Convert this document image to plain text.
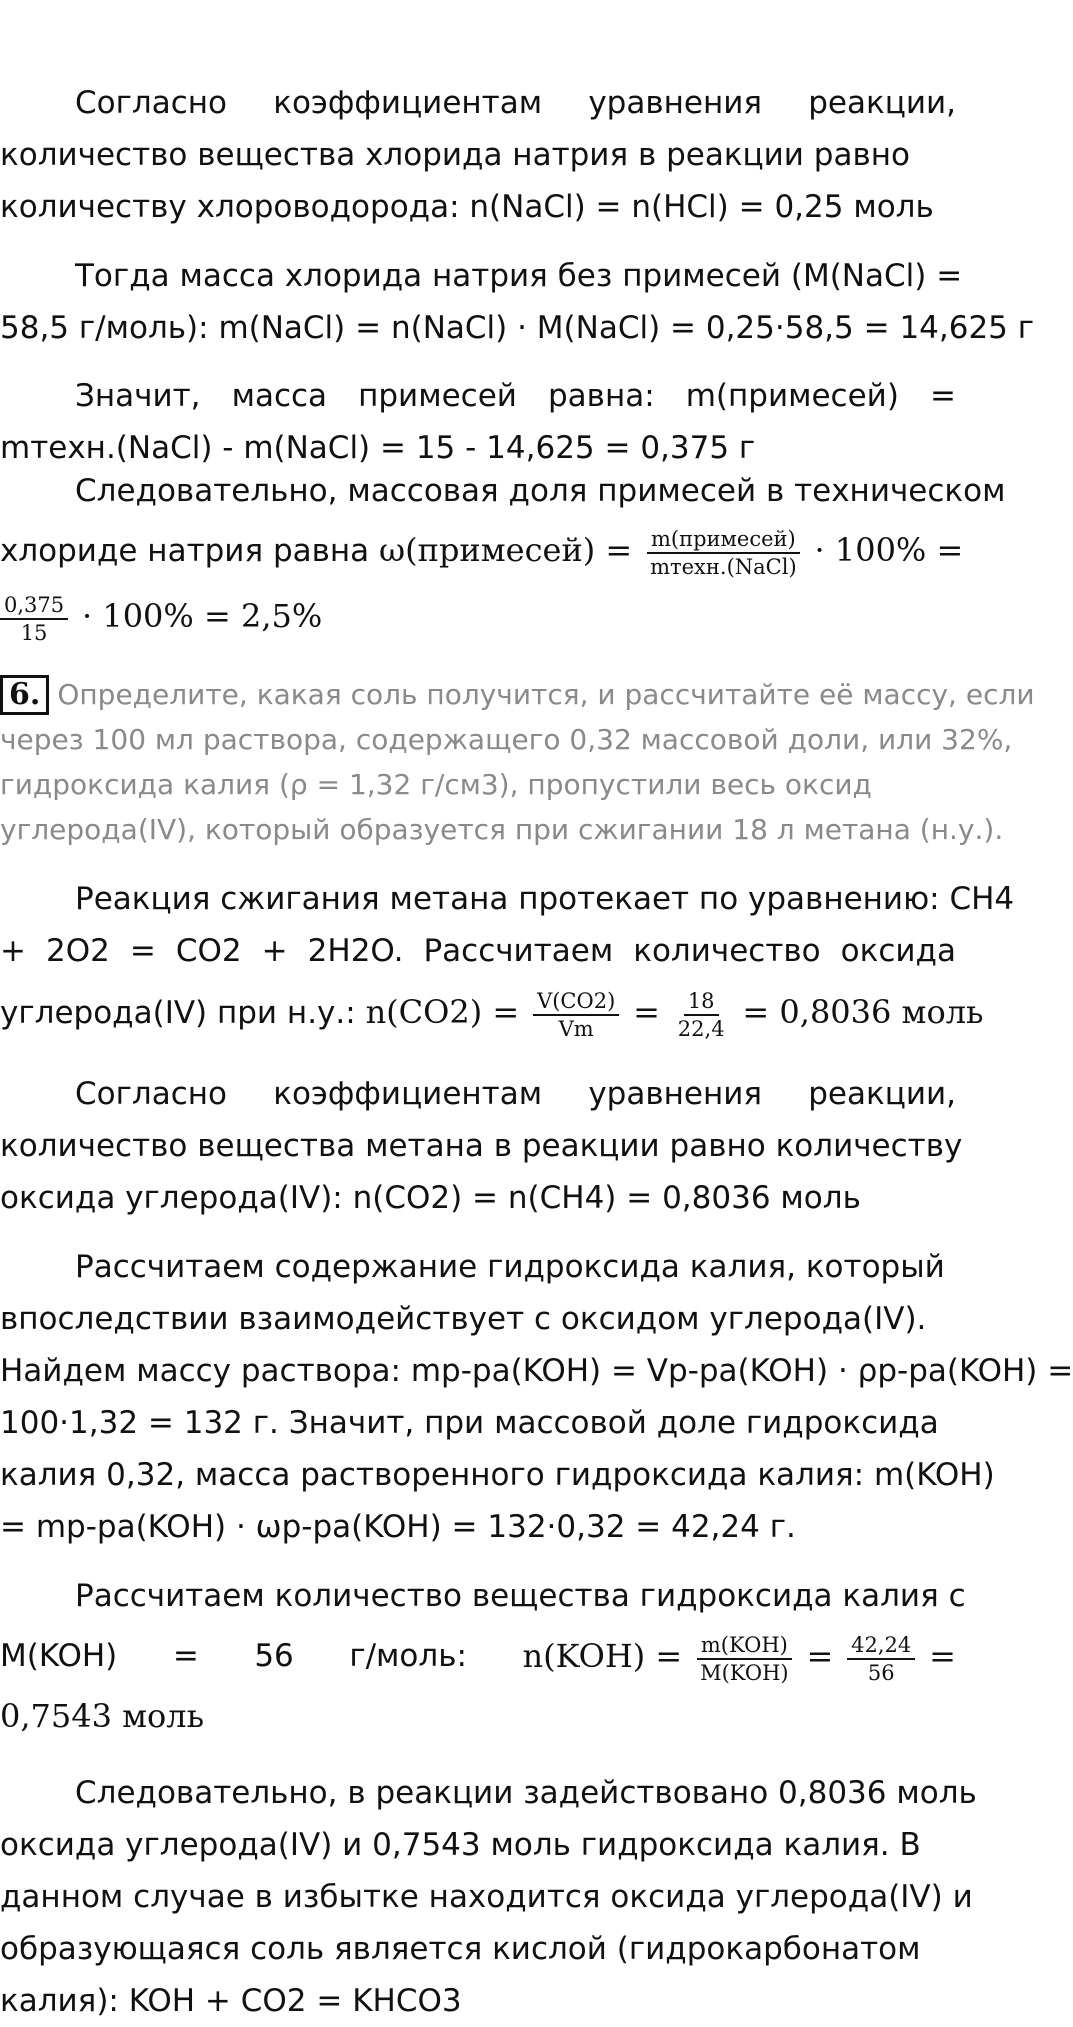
Согласно коэффициентам уравнения реакции,
количество вещества хлорида натрия в реакции равно
количеству хлороводорода: n(NaCl) = n(HCl) = 0,25 моль
Тогда масса хлорида натрия без примесей (M(NaCl) =
58,5 г/моль): m(NaCl) = n(NaCl) · M(NaCl) = 0,25·58,5 = 14,625 г
Значит, масса примесей равна: m(примесей) =
mтехн.(NaCl) - m(NaCl) = 15 - 14,625 = 0,375 г
Следовательно, массовая доля примесей в техническом
хлориде натрия равна ω(примесей) = $\frac{\text{m(примесей)}}{\text{mтехн.(NaCl)}} \cdot 100\%$ =
$\frac{0,375}{15} \cdot 100\% = 2,5\%$
6. Определите, какая соль получится, и рассчитайте её массу, если
через 100 мл раствора, содержащего 0,32 массовой доли, или 32%,
гидроксида калия (ρ = 1,32 г/см3), пропустили весь оксид
углерода(IV), который образуется при сжигании 18 л метана (н.у.).
Реакция сжигания метана протекает по уравнению: CH4
+ 2O2 = CO2 + 2H2O. Рассчитаем количество оксида
углерода(IV) при н.у.: $n(CO2) = \frac{V(CO2)}{Vm} = \frac{18}{22,4} = 0,8036$ моль
Согласно коэффициентам уравнения реакции,
количество вещества метана в реакции равно количеству
оксида углерода(IV): n(CO2) = n(CH4) = 0,8036 моль
Рассчитаем содержание гидроксида калия, который
впоследствии взаимодействует с оксидом углерода(IV).
Найдем массу раствора: mр-ра(KOH) = Vр-ра(KOH) · ρр-ра(KOH) =
100·1,32 = 132 г. Значит, при массовой доле гидроксида
калия 0,32, масса растворенного гидроксида калия: m(KOH)
= mр-ра(KOH) · ωр-ра(KOH) = 132·0,32 = 42,24 г.
Рассчитаем количество вещества гидроксида калия с
M(KOH) = 56 г/моль: $n(KOH) = \frac{\text{m(KOH)}}{\text{M(KOH)}} = \frac{42,24}{56}$ =
0,7543 моль
Следовательно, в реакции задействовано 0,8036 моль
оксида углерода(IV) и 0,7543 моль гидроксида калия. В
данном случае в избытке находится оксида углерода(IV) и
образующаяся соль является кислой (гидрокарбонатом
калия): KOH + CO2 = KHCO3
